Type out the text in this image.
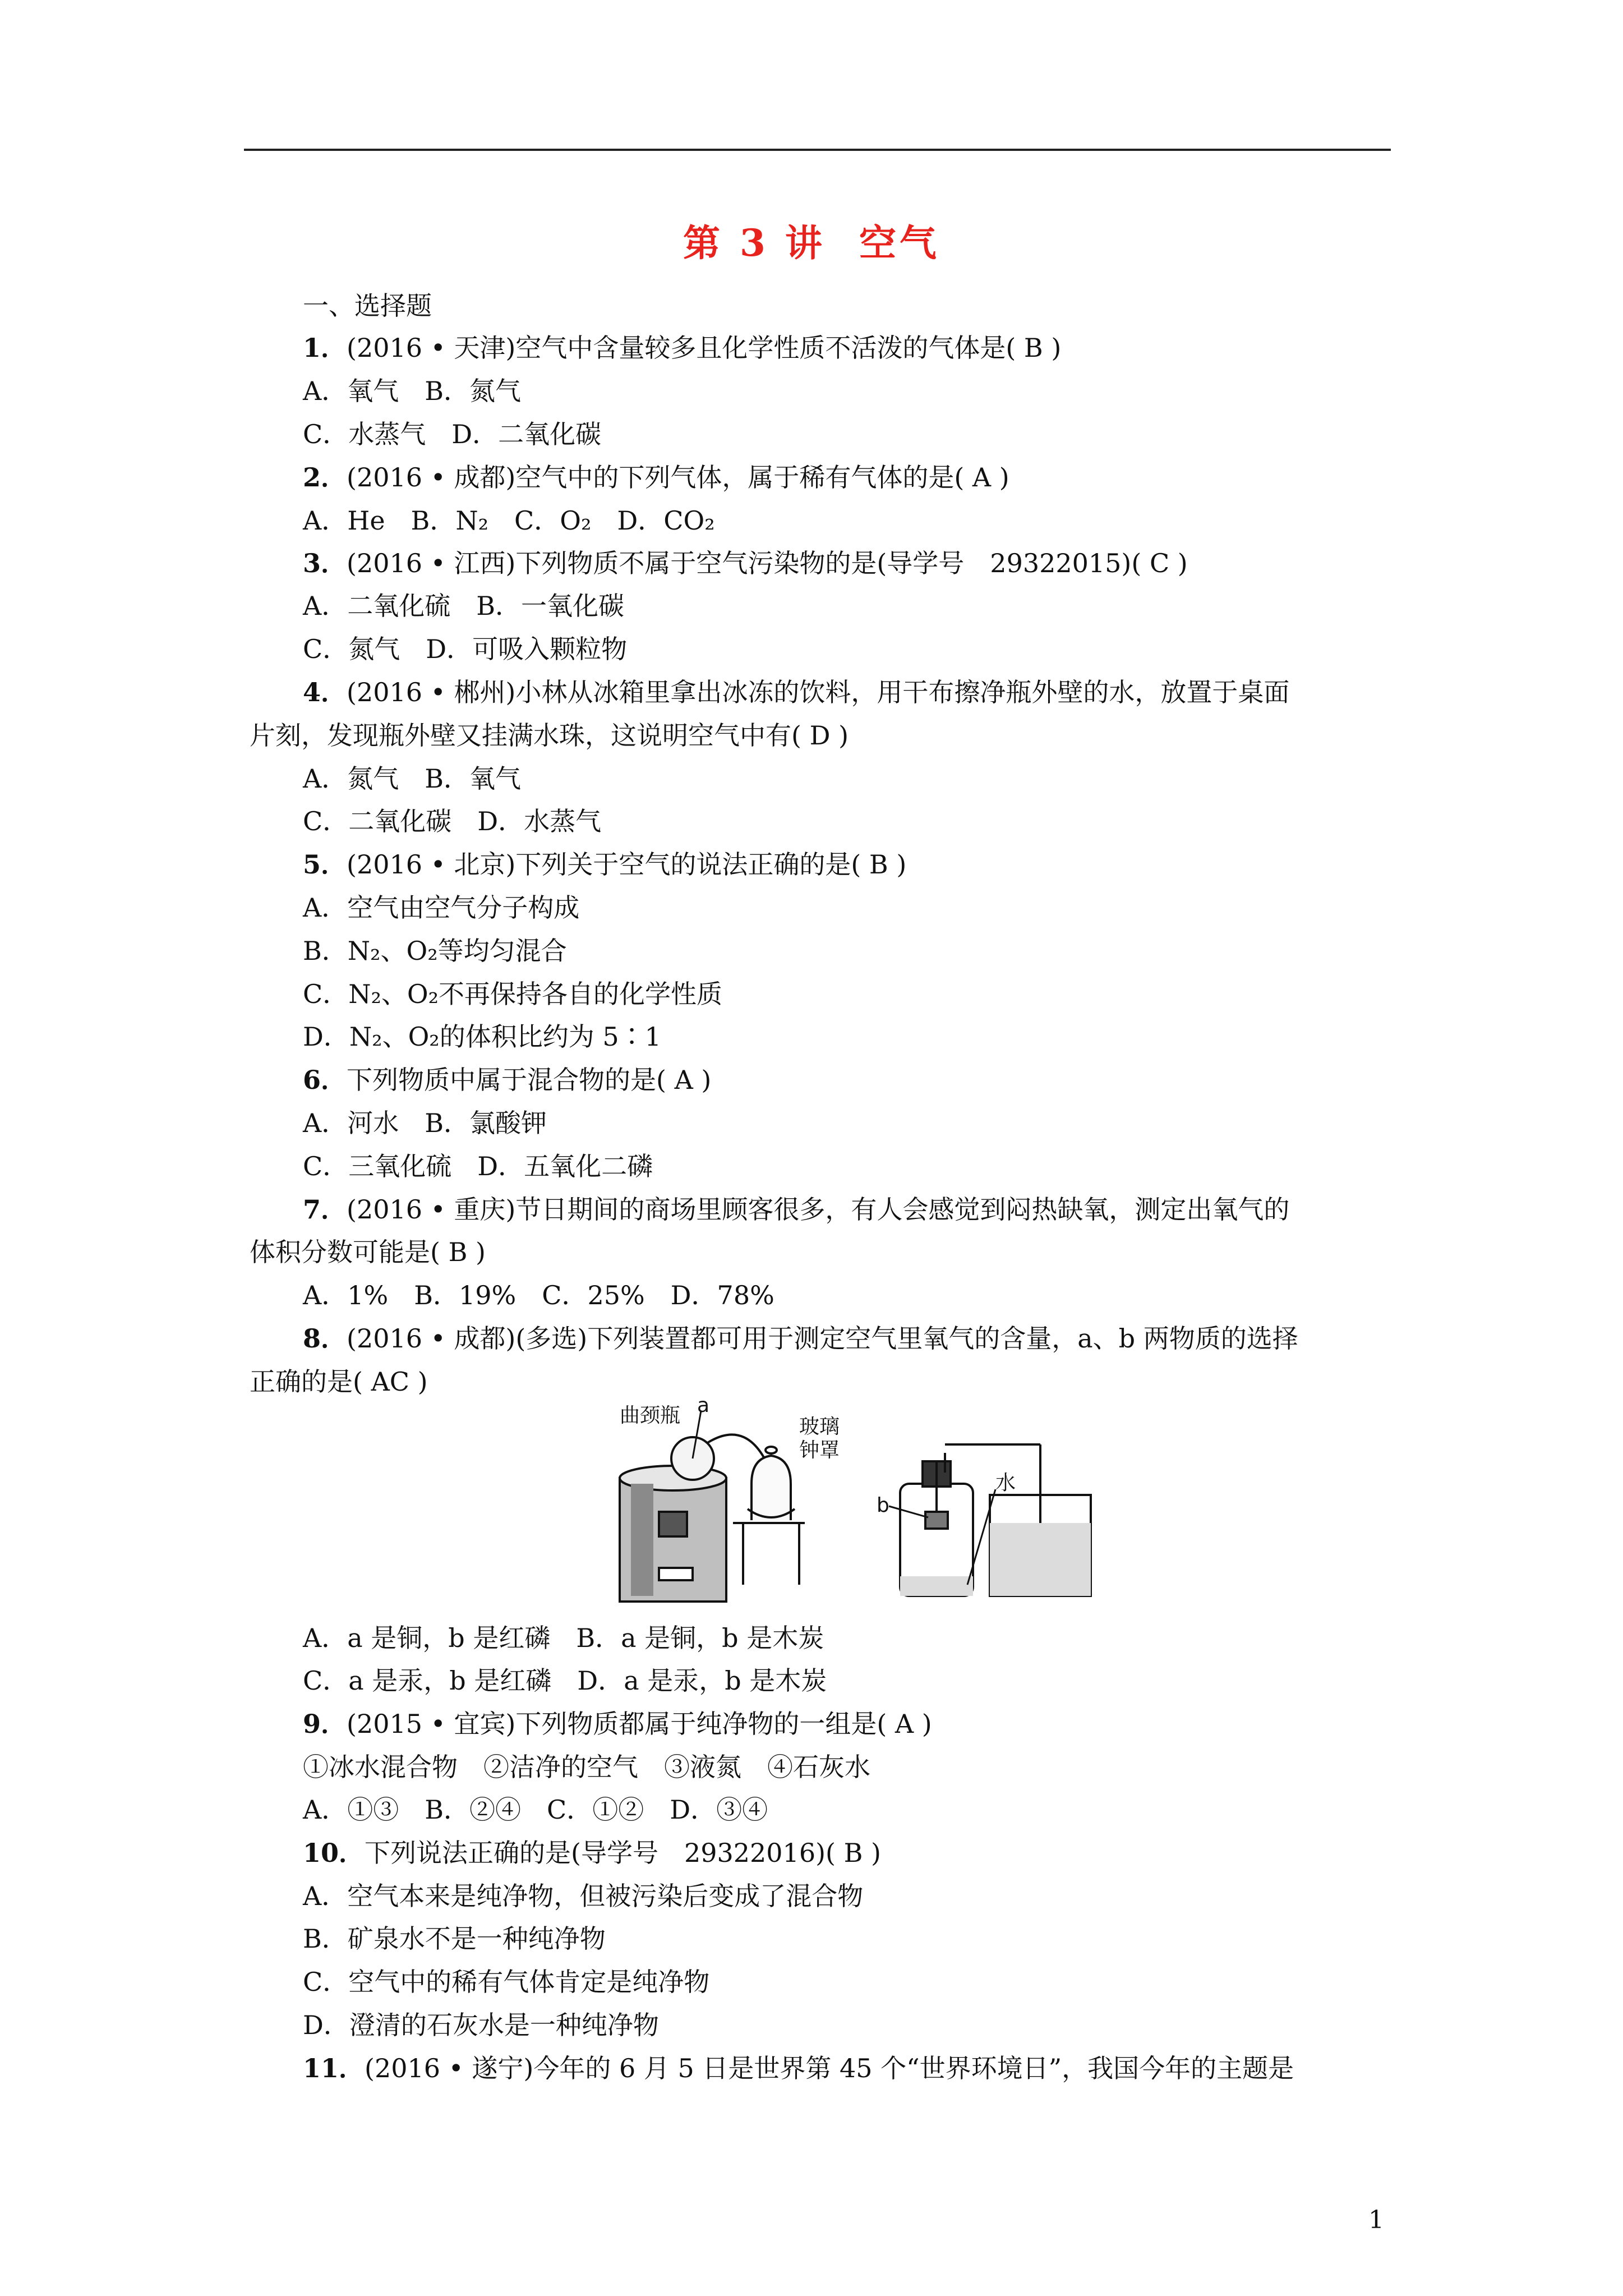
第 3 讲 空气
一、选择题
1．(2016 • 天津)空气中含量较多且化学性质不活泼的气体是( B )
A．氧气　B．氮气
C．水蒸气　D．二氧化碳
2．(2016 • 成都)空气中的下列气体，属于稀有气体的是( A )
A．He　B．N₂　C．O₂　D．CO₂
3．(2016 • 江西)下列物质不属于空气污染物的是(导学号　29322015)( C )
A．二氧化硫　B．一氧化碳
C．氮气　D．可吸入颗粒物
4．(2016 • 郴州)小林从冰箱里拿出冰冻的饮料，用干布擦净瓶外壁的水，放置于桌面
片刻，发现瓶外壁又挂满水珠，这说明空气中有( D )
A．氮气　B．氧气
C．二氧化碳　D．水蒸气
5．(2016 • 北京)下列关于空气的说法正确的是( B )
A．空气由空气分子构成
B．N₂、O₂等均匀混合
C．N₂、O₂不再保持各自的化学性质
D．N₂、O₂的体积比约为 5∶1
6．下列物质中属于混合物的是( A )
A．河水　B．氯酸钾
C．三氧化硫　D．五氧化二磷
7．(2016 • 重庆)节日期间的商场里顾客很多，有人会感觉到闷热缺氧，测定出氧气的
体积分数可能是( B )
A．1%　B．19%　C．25%　D．78%
8．(2016 • 成都)(多选)下列装置都可用于测定空气里氧气的含量，a、b 两物质的选择
正确的是( AC )
曲颈瓶 a
玻璃
钟罩
b
水
A．a 是铜，b 是红磷　B．a 是铜，b 是木炭
C．a 是汞，b 是红磷　D．a 是汞，b 是木炭
9．(2015 • 宜宾)下列物质都属于纯净物的一组是( A )
①冰水混合物　②洁净的空气　③液氮　④石灰水
A．①③　B．②④　C．①②　D．③④
10．下列说法正确的是(导学号　29322016)( B )
A．空气本来是纯净物，但被污染后变成了混合物
B．矿泉水不是一种纯净物
C．空气中的稀有气体肯定是纯净物
D．澄清的石灰水是一种纯净物
11．(2016 • 遂宁)今年的 6 月 5 日是世界第 45 个“世界环境日”，我国今年的主题是
1
